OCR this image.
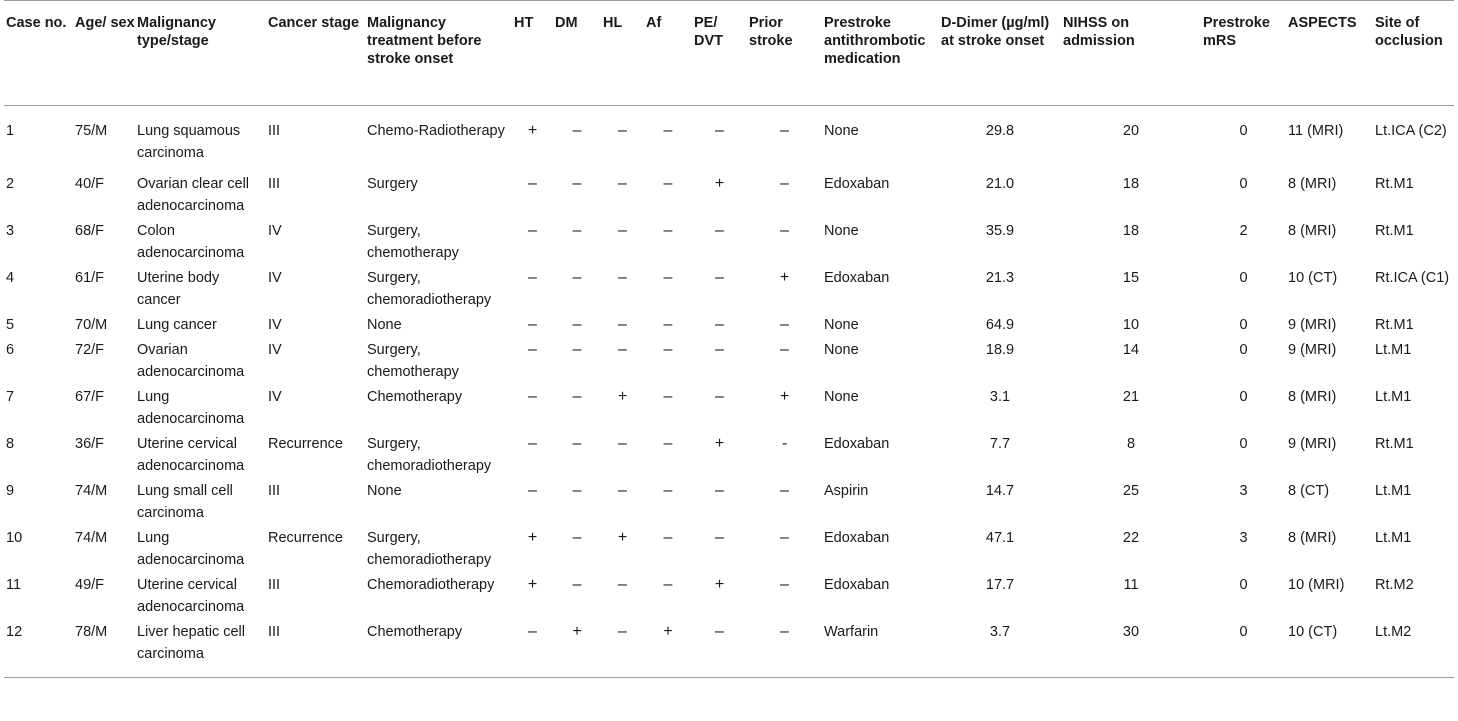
Case no.	Age/ sex	Malignancy type/stage	Cancer stage	Malignancy treatment before stroke onset	HT	DM	HL	Af	PE/ DVT	Prior stroke	Prestroke antithrombotic medication	D-Dimer (µg/ml) at stroke onset	NIHSS on admission	Prestroke mRS	ASPECTS	Site of occlusion
1	75/M	Lung squamous carcinoma	III	Chemo-Radiotherapy	+	–	–	–	–	–	None	29.8	20	0	11 (MRI)	Lt.ICA (C2)
2	40/F	Ovarian clear cell adenocarcinoma	III	Surgery	–	–	–	–	+	–	Edoxaban	21.0	18	0	8 (MRI)	Rt.M1
3	68/F	Colon adenocarcinoma	IV	Surgery, chemotherapy	–	–	–	–	–	–	None	35.9	18	2	8 (MRI)	Rt.M1
4	61/F	Uterine body cancer	IV	Surgery, chemoradiotherapy	–	–	–	–	–	+	Edoxaban	21.3	15	0	10 (CT)	Rt.ICA (C1)
5	70/M	Lung cancer	IV	None	–	–	–	–	–	–	None	64.9	10	0	9 (MRI)	Rt.M1
6	72/F	Ovarian adenocarcinoma	IV	Surgery, chemotherapy	–	–	–	–	–	–	None	18.9	14	0	9 (MRI)	Lt.M1
7	67/F	Lung adenocarcinoma	IV	Chemotherapy	–	–	+	–	–	+	None	3.1	21	0	8 (MRI)	Lt.M1
8	36/F	Uterine cervical adenocarcinoma	Recurrence	Surgery, chemoradiotherapy	–	–	–	–	+	-	Edoxaban	7.7	8	0	9 (MRI)	Rt.M1
9	74/M	Lung small cell carcinoma	III	None	–	–	–	–	–	–	Aspirin	14.7	25	3	8 (CT)	Lt.M1
10	74/M	Lung adenocarcinoma	Recurrence	Surgery, chemoradiotherapy	+	–	+	–	–	–	Edoxaban	47.1	22	3	8 (MRI)	Lt.M1
11	49/F	Uterine cervical adenocarcinoma	III	Chemoradiotherapy	+	–	–	–	+	–	Edoxaban	17.7	11	0	10 (MRI)	Rt.M2
12	78/M	Liver hepatic cell carcinoma	III	Chemotherapy	–	+	–	+	–	–	Warfarin	3.7	30	0	10 (CT)	Lt.M2
